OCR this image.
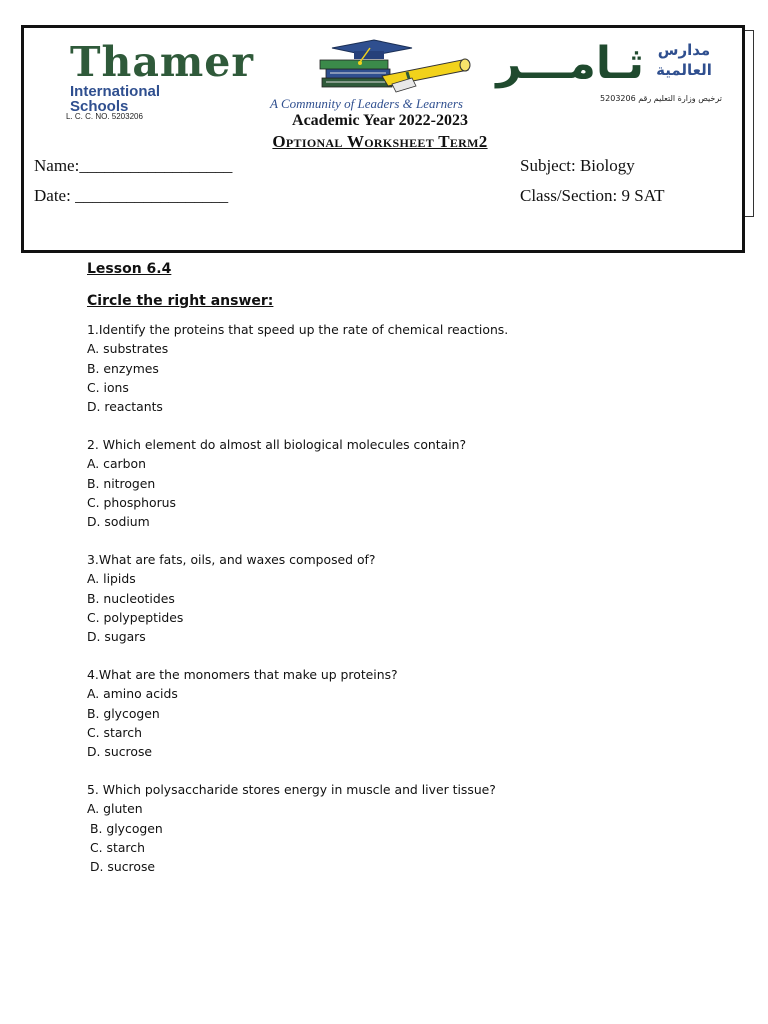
Thamer
International
Schools
L. C. C. NO. 5203206
A Community of Leaders & Learners
ثـامـــر مدارس
العالمية
ترخيص وزارة التعليم رقم 5203206
Academic Year 2022-2023
Optional Worksheet Term2
Name:__________________
Date: __________________
Subject: Biology
Class/Section: 9 SAT
Lesson 6.4
Circle the right answer:
1.Identify the proteins that speed up the rate of chemical reactions.
A. substrates
B. enzymes
C. ions
D. reactants
2. Which element do almost all biological molecules contain?
A. carbon
B. nitrogen
C. phosphorus
D. sodium
3.What are fats, oils, and waxes composed of?
A. lipids
B. nucleotides
C. polypeptides
D. sugars
4.What are the monomers that make up proteins?
A. amino acids
B. glycogen
C. starch
D. sucrose
5. Which polysaccharide stores energy in muscle and liver tissue?
A. gluten
B. glycogen
C. starch
D. sucrose
